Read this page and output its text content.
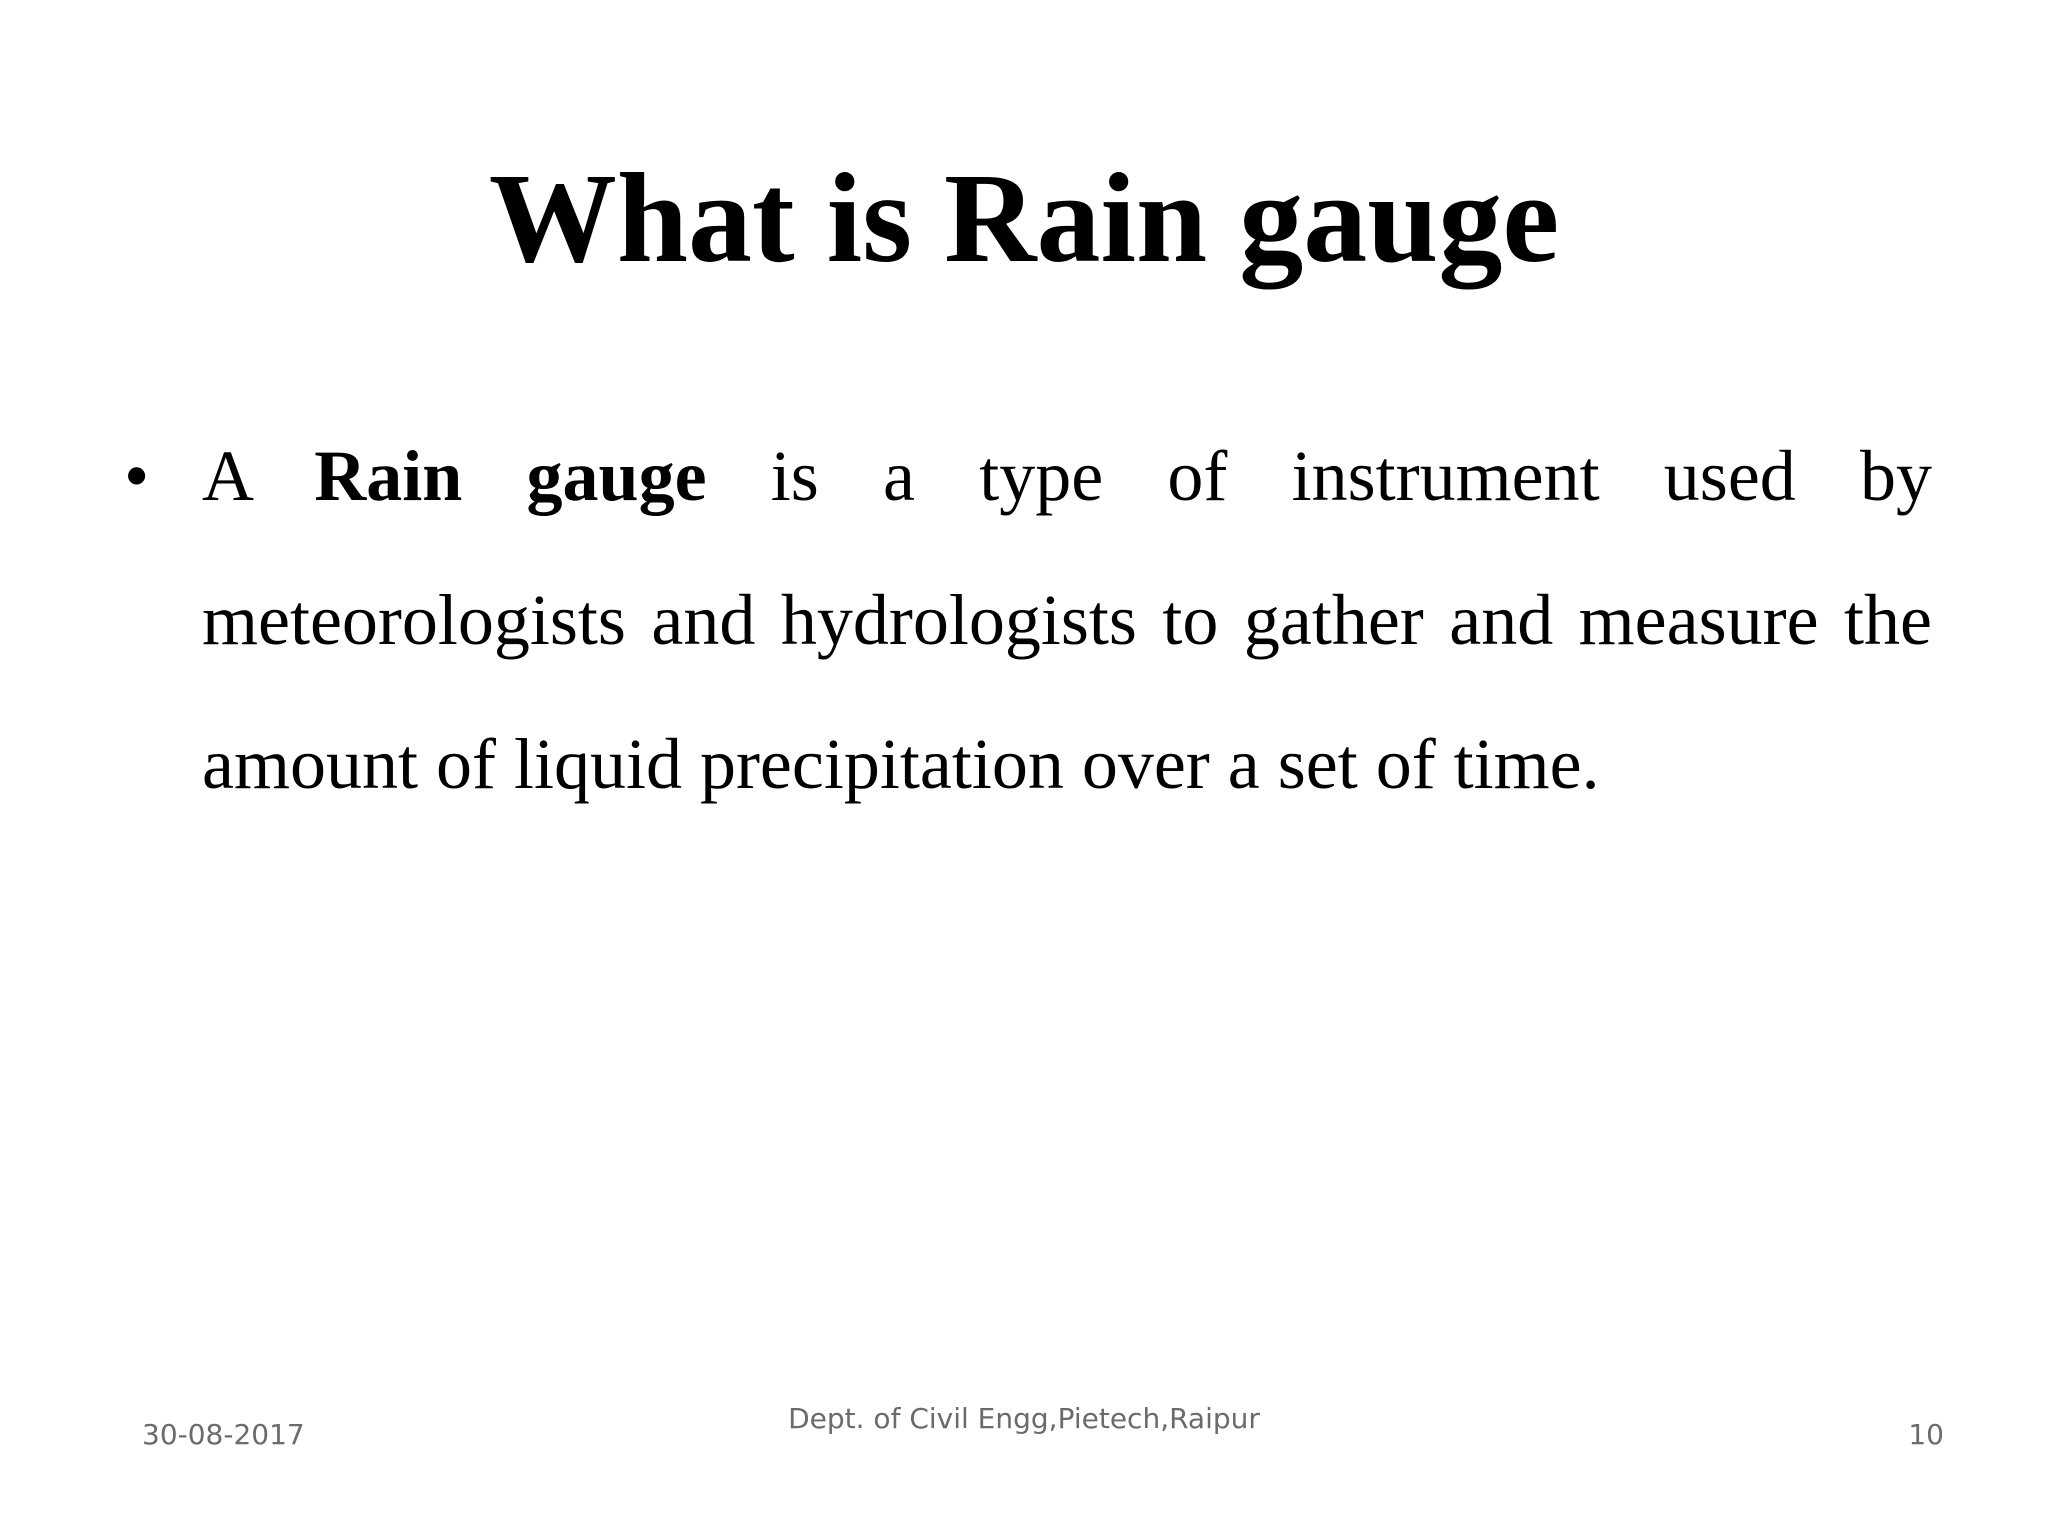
What is Rain gauge
• A Rain gauge is a type of instrument used by meteorologists and hydrologists to gather and measure the amount of liquid precipitation over a set of time.
30-08-2017	Dept. of Civil Engg,Pietech,Raipur	10
